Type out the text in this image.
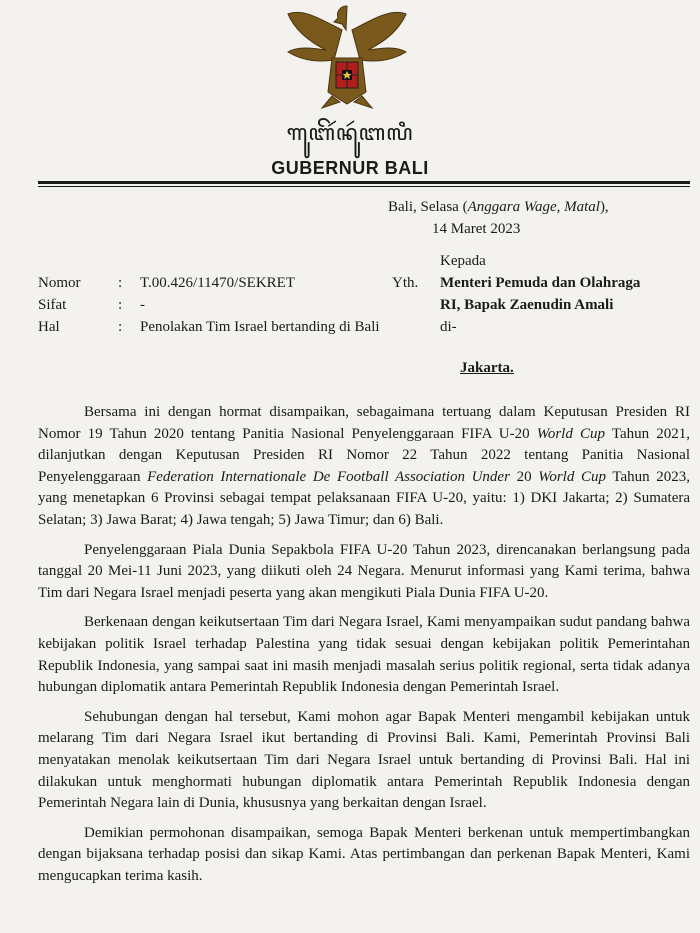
ꦒꦸꦧꦼꦂꦤꦸꦂꦧꦭꦶ
GUBERNUR BALI
Bali, Selasa (Anggara Wage, Matal),
14 Maret 2023
Kepada
Yth.	Menteri Pemuda dan Olahraga
RI, Bapak Zaenudin Amali
di-
Nomor	:	T.00.426/11470/SEKRET
Sifat	:	-
Hal	:	Penolakan Tim Israel bertanding di Bali
Jakarta.

Bersama ini dengan hormat disampaikan, sebagaimana tertuang dalam Keputusan Presiden RI Nomor 19 Tahun 2020 tentang Panitia Nasional Penyelenggaraan FIFA U-20 World Cup Tahun 2021, dilanjutkan dengan Keputusan Presiden RI Nomor 22 Tahun 2022 tentang Panitia Nasional Penyelenggaraan Federation Internationale De Football Association Under 20 World Cup Tahun 2023, yang menetapkan 6 Provinsi sebagai tempat pelaksanaan FIFA U-20, yaitu: 1) DKI Jakarta; 2) Sumatera Selatan; 3) Jawa Barat; 4) Jawa tengah; 5) Jawa Timur; dan 6) Bali.

Penyelenggaraan Piala Dunia Sepakbola FIFA U-20 Tahun 2023, direncanakan berlangsung pada tanggal 20 Mei-11 Juni 2023, yang diikuti oleh 24 Negara. Menurut informasi yang Kami terima, bahwa Tim dari Negara Israel menjadi peserta yang akan mengikuti Piala Dunia FIFA U-20.

Berkenaan dengan keikutsertaan Tim dari Negara Israel, Kami menyampaikan sudut pandang bahwa kebijakan politik Israel terhadap Palestina yang tidak sesuai dengan kebijakan politik Pemerintahan Republik Indonesia, yang sampai saat ini masih menjadi masalah serius politik regional, serta tidak adanya hubungan diplomatik antara Pemerintah Republik Indonesia dengan Pemerintah Israel.

Sehubungan dengan hal tersebut, Kami mohon agar Bapak Menteri mengambil kebijakan untuk melarang Tim dari Negara Israel ikut bertanding di Provinsi Bali. Kami, Pemerintah Provinsi Bali menyatakan menolak keikutsertaan Tim dari Negara Israel untuk bertanding di Provinsi Bali. Hal ini dilakukan untuk menghormati hubungan diplomatik antara Pemerintah Republik Indonesia dengan Pemerintah Negara lain di Dunia, khususnya yang berkaitan dengan Israel.

Demikian permohonan disampaikan, semoga Bapak Menteri berkenan untuk mempertimbangkan dengan bijaksana terhadap posisi dan sikap Kami. Atas pertimbangan dan perkenan Bapak Menteri, Kami mengucapkan terima kasih.
